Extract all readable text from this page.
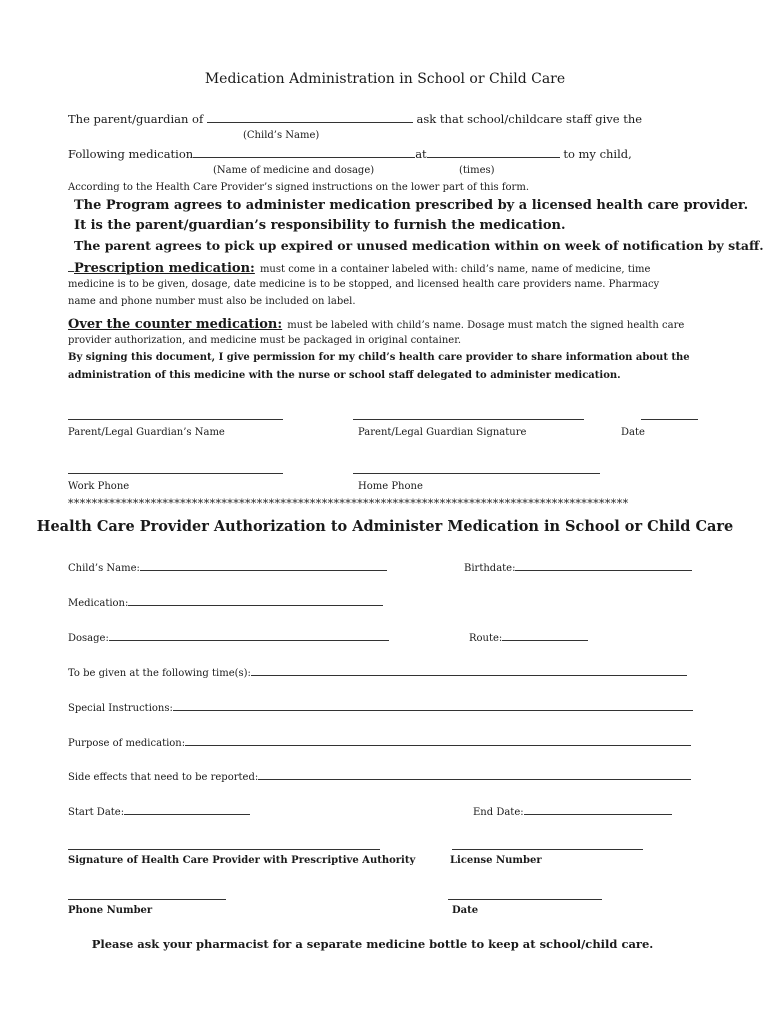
Medication Administration in School or Child Care
The parent/guardian of	ask that school/childcare staff give the
(Child’s Name)
Following medication	at	to my child,
(Name of medicine and dosage)	(times)
According to the Health Care Provider’s signed instructions on the lower part of this form.
The Program agrees to administer medication prescribed by a licensed health care provider.
It is the parent/guardian’s responsibility to furnish the medication.
The parent agrees to pick up expired or unused medication within on week of notification by staff.
Prescription medication: must come in a container labeled with: child’s name, name of medicine, time
medicine is to be given, dosage, date medicine is to be stopped, and licensed health care providers name. Pharmacy
name and phone number must also be included on label.
Over the counter medication: must be labeled with child’s name. Dosage must match the signed health care
provider authorization, and medicine must be packaged in original container.
By signing this document, I give permission for my child’s health care provider to share information about the
administration of this medicine with the nurse or school staff delegated to administer medication.
Parent/Legal Guardian’s Name	Parent/Legal Guardian Signature	Date
Work Phone	Home Phone
***********************************************************************************************
Health Care Provider Authorization to Administer Medication in School or Child Care
Child’s Name:	Birthdate:
Medication:
Dosage:	Route:
To be given at the following time(s):
Special Instructions:
Purpose of medication:
Side effects that need to be reported:
Start Date:	End Date:
Signature of Health Care Provider with Prescriptive Authority	License Number
Phone Number	Date
Please ask your pharmacist for a separate medicine bottle to keep at school/child care.
